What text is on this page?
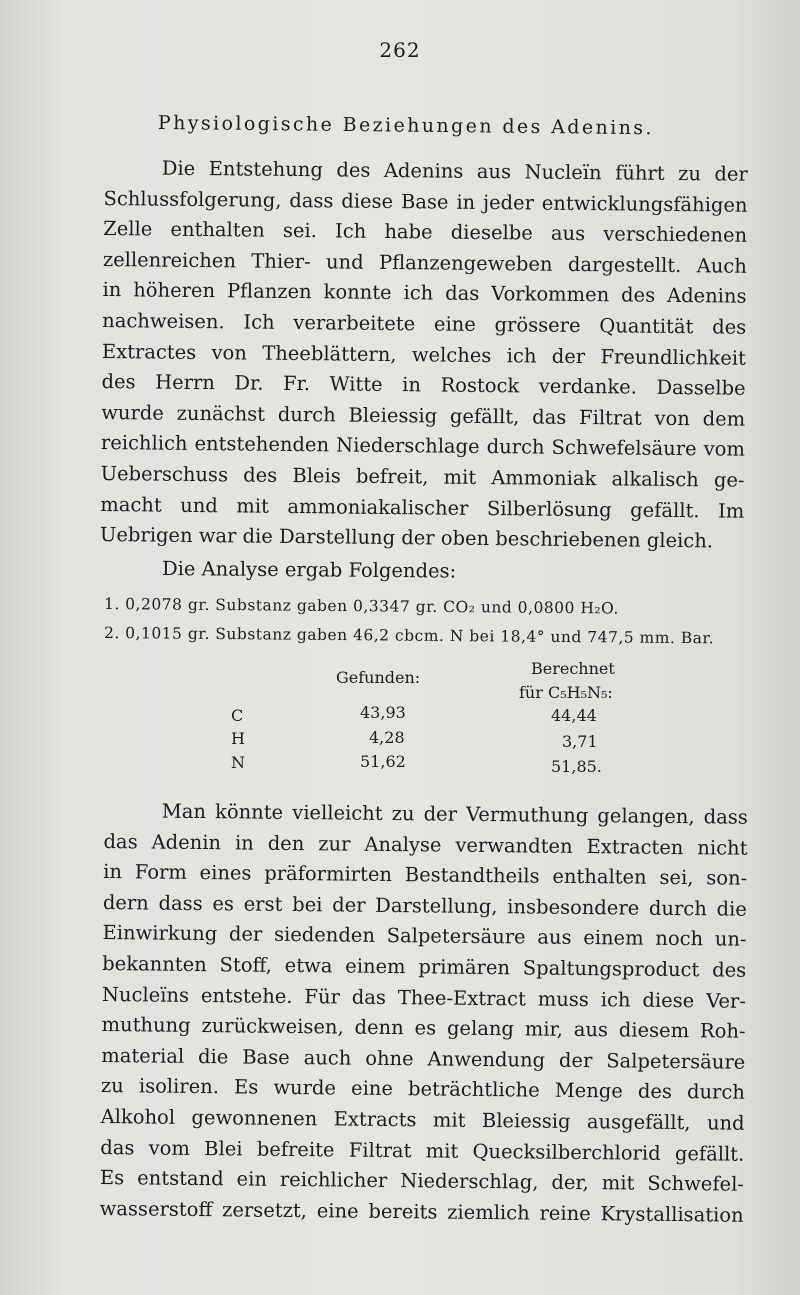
262
Physiologische Beziehungen des Adenins.
Die Entstehung des Adenins aus Nucleïn führt zu der
Schlussfolgerung, dass diese Base in jeder entwicklungsfähigen
Zelle enthalten sei. Ich habe dieselbe aus verschiedenen
zellenreichen Thier- und Pflanzengeweben dargestellt. Auch
in höheren Pflanzen konnte ich das Vorkommen des Adenins
nachweisen. Ich verarbeitete eine grössere Quantität des
Extractes von Theeblättern, welches ich der Freundlichkeit
des Herrn Dr. Fr. Witte in Rostock verdanke. Dasselbe
wurde zunächst durch Bleiessig gefällt, das Filtrat von dem
reichlich entstehenden Niederschlage durch Schwefelsäure vom
Ueberschuss des Bleis befreit, mit Ammoniak alkalisch ge-
macht und mit ammoniakalischer Silberlösung gefällt. Im
Uebrigen war die Darstellung der oben beschriebenen gleich.
Die Analyse ergab Folgendes:
1. 0,2078 gr. Substanz gaben 0,3347 gr. CO₂ und 0,0800 H₂O.
2. 0,1015 gr. Substanz gaben 46,2 cbcm. N bei 18,4° und 747,5 mm. Bar.
Gefunden:	Berechnet
für C₅H₅N₅:
C	43,93	44,44
H	4,28	3,71
N	51,62	51,85.
Man könnte vielleicht zu der Vermuthung gelangen, dass
das Adenin in den zur Analyse verwandten Extracten nicht
in Form eines präformirten Bestandtheils enthalten sei, son-
dern dass es erst bei der Darstellung, insbesondere durch die
Einwirkung der siedenden Salpetersäure aus einem noch un-
bekannten Stoff, etwa einem primären Spaltungsproduct des
Nucleïns entstehe. Für das Thee-Extract muss ich diese Ver-
muthung zurückweisen, denn es gelang mir, aus diesem Roh-
material die Base auch ohne Anwendung der Salpetersäure
zu isoliren. Es wurde eine beträchtliche Menge des durch
Alkohol gewonnenen Extracts mit Bleiessig ausgefällt, und
das vom Blei befreite Filtrat mit Quecksilberchlorid gefällt.
Es entstand ein reichlicher Niederschlag, der, mit Schwefel-
wasserstoff zersetzt, eine bereits ziemlich reine Krystallisation
